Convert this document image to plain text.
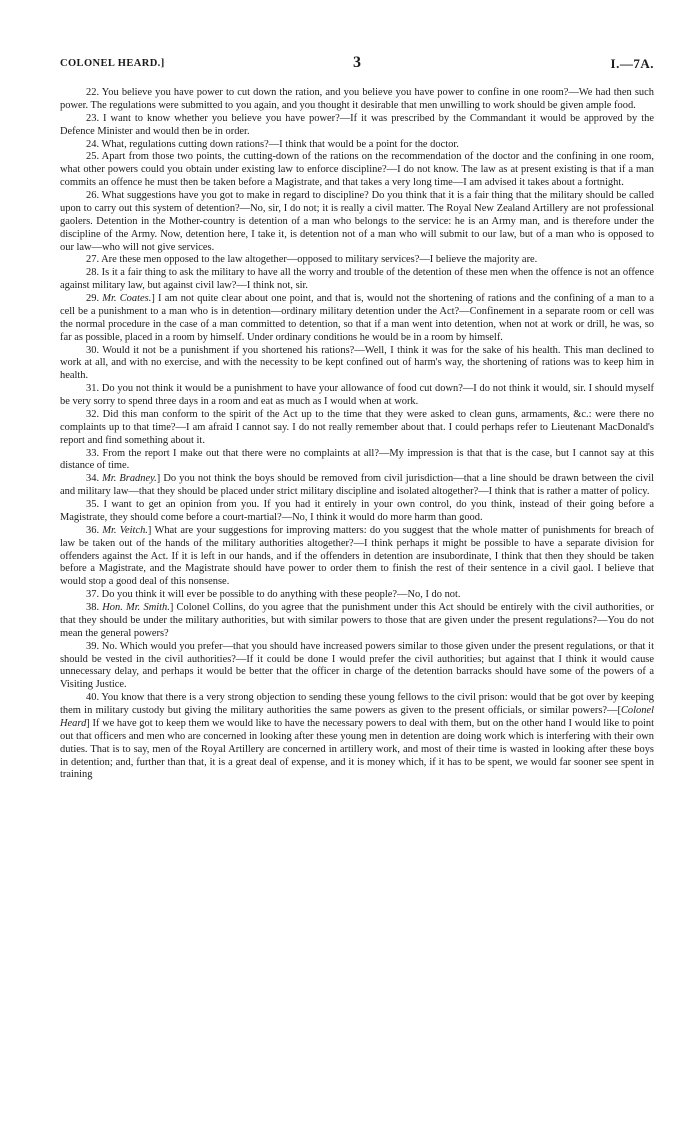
COLONEL HEARD.]	3	I.—7A.

22. You believe you have power to cut down the ration, and you believe you have power to confine in one room?—We had then such power. The regulations were submitted to you again, and you thought it desirable that men unwilling to work should be given ample food.

23. I want to know whether you believe you have power?—If it was prescribed by the Commandant it would be approved by the Defence Minister and would then be in order.

24. What, regulations cutting down rations?—I think that would be a point for the doctor.

25. Apart from those two points, the cutting-down of the rations on the recommendation of the doctor and the confining in one room, what other powers could you obtain under existing law to enforce discipline?—I do not know. The law as at present existing is that if a man commits an offence he must then be taken before a Magistrate, and that takes a very long time—I am advised it takes about a fortnight.

26. What suggestions have you got to make in regard to discipline? Do you think that it is a fair thing that the military should be called upon to carry out this system of detention?—No, sir, I do not; it is really a civil matter. The Royal New Zealand Artillery are not professional gaolers. Detention in the Mother-country is detention of a man who belongs to the service: he is an Army man, and is therefore under the discipline of the Army. Now, detention here, I take it, is detention not of a man who will submit to our law, but of a man who is opposed to our law—who will not give services.

27. Are these men opposed to the law altogether—opposed to military services?—I believe the majority are.

28. Is it a fair thing to ask the military to have all the worry and trouble of the detention of these men when the offence is not an offence against military law, but against civil law?—I think not, sir.

29. Mr. Coates.] I am not quite clear about one point, and that is, would not the shortening of rations and the confining of a man to a cell be a punishment to a man who is in detention—ordinary military detention under the Act?—Confinement in a separate room or cell was the normal procedure in the case of a man committed to detention, so that if a man went into detention, when not at work or drill, he was, so far as possible, placed in a room by himself. Under ordinary conditions he would be in a room by himself.

30. Would it not be a punishment if you shortened his rations?—Well, I think it was for the sake of his health. This man declined to work at all, and with no exercise, and with the necessity to be kept confined out of harm's way, the shortening of rations was to keep him in health.

31. Do you not think it would be a punishment to have your allowance of food cut down?—I do not think it would, sir. I should myself be very sorry to spend three days in a room and eat as much as I would when at work.

32. Did this man conform to the spirit of the Act up to the time that they were asked to clean guns, armaments, &c.: were there no complaints up to that time?—I am afraid I cannot say. I do not really remember about that. I could perhaps refer to Lieutenant MacDonald's report and find something about it.

33. From the report I make out that there were no complaints at all?—My impression is that that is the case, but I cannot say at this distance of time.

34. Mr. Bradney.] Do you not think the boys should be removed from civil jurisdiction—that a line should be drawn between the civil and military law—that they should be placed under strict military discipline and isolated altogether?—I think that is rather a matter of policy.

35. I want to get an opinion from you. If you had it entirely in your own control, do you think, instead of their going before a Magistrate, they should come before a court-martial?—No, I think it would do more harm than good.

36. Mr. Veitch.] What are your suggestions for improving matters: do you suggest that the whole matter of punishments for breach of law be taken out of the hands of the military authorities altogether?—I think perhaps it might be possible to have a separate division for offenders against the Act. If it is left in our hands, and if the offenders in detention are insubordinate, I think that then they should be taken before a Magistrate, and the Magistrate should have power to order them to finish the rest of their sentence in a civil gaol. I believe that would stop a good deal of this nonsense.

37. Do you think it will ever be possible to do anything with these people?—No, I do not.

38. Hon. Mr. Smith.] Colonel Collins, do you agree that the punishment under this Act should be entirely with the civil authorities, or that they should be under the military authorities, but with similar powers to those that are given under the present regulations?—You do not mean the general powers?

39. No. Which would you prefer—that you should have increased powers similar to those given under the present regulations, or that it should be vested in the civil authorities?—If it could be done I would prefer the civil authorities; but against that I think it would cause unnecessary delay, and perhaps it would be better that the officer in charge of the detention barracks should have some of the powers of a Visiting Justice.

40. You know that there is a very strong objection to sending these young fellows to the civil prison: would that be got over by keeping them in military custody but giving the military authorities the same powers as given to the present officials, or similar powers?—[Colonel Heard] If we have got to keep them we would like to have the necessary powers to deal with them, but on the other hand I would like to point out that officers and men who are concerned in looking after these young men in detention are doing work which is interfering with their own duties. That is to say, men of the Royal Artillery are concerned in artillery work, and most of their time is wasted in looking after these boys in detention; and, further than that, it is a great deal of expense, and it is money which, if it has to be spent, we would far sooner see spent in training
